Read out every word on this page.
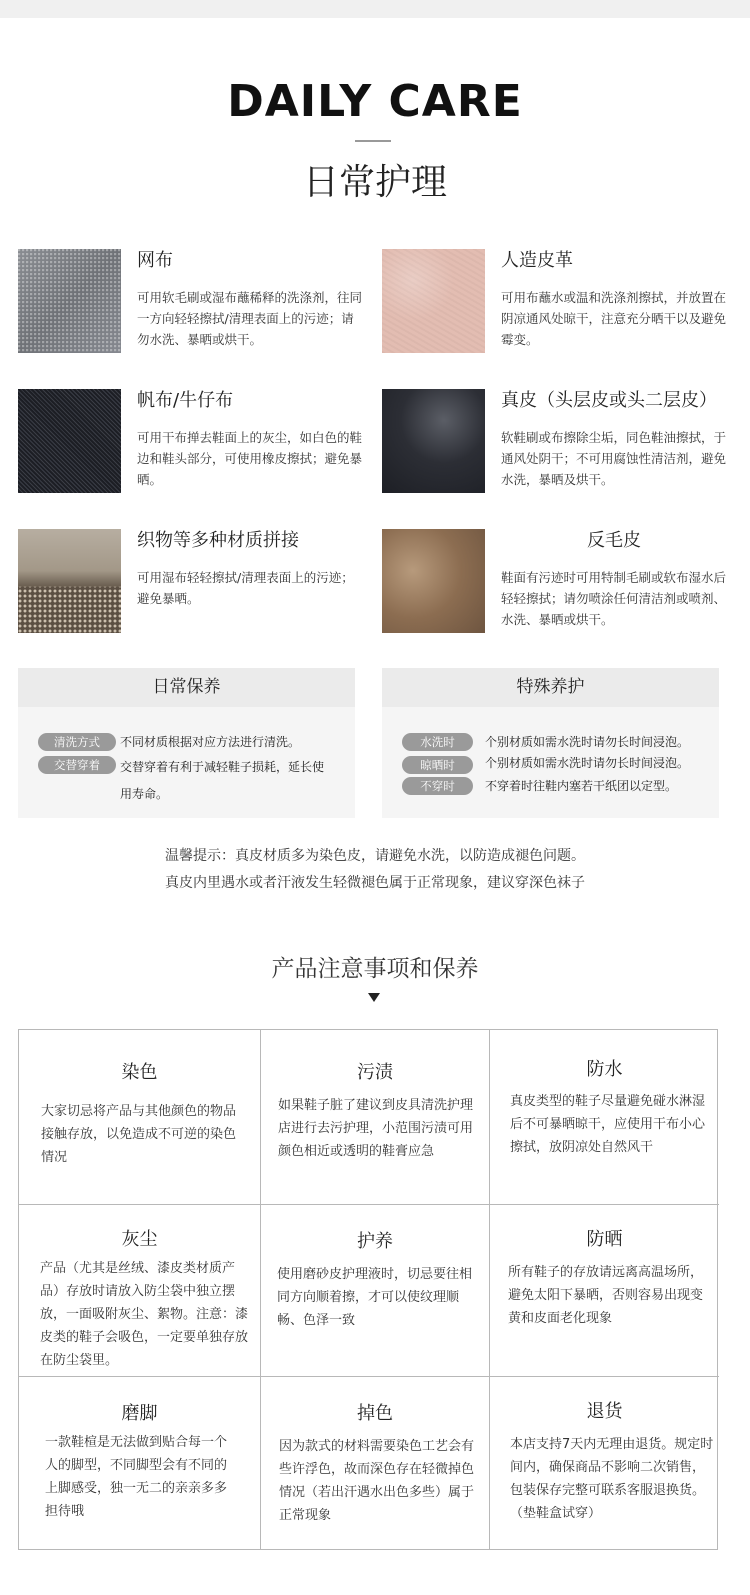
DAILY CARE
日常护理
网布
可用软毛刷或湿布蘸稀释的洗涤剂，往同一方向轻轻擦拭/清理表面上的污迹；请勿水洗、暴晒或烘干。
人造皮革
可用布蘸水或温和洗涤剂擦拭，并放置在阴凉通风处晾干，注意充分晒干以及避免霉变。
帆布/牛仔布
可用干布掸去鞋面上的灰尘，如白色的鞋边和鞋头部分，可使用橡皮擦拭；避免暴晒。
真皮（头层皮或头二层皮）
软鞋刷或布擦除尘垢，同色鞋油擦拭，于通风处阴干；不可用腐蚀性清洁剂，避免水洗，暴晒及烘干。
织物等多种材质拼接
可用湿布轻轻擦拭/清理表面上的污迹；避免暴晒。
反毛皮
鞋面有污迹时可用特制毛刷或软布湿水后轻轻擦拭；请勿喷涂任何清洁剂或喷剂、水洗、暴晒或烘干。
日常保养
清洗方式	不同材质根据对应方法进行清洗。
交替穿着	交替穿着有利于减轻鞋子损耗，延长使用寿命。
特殊养护
水洗时	个别材质如需水洗时请勿长时间浸泡。
晾晒时	个别材质如需水洗时请勿长时间浸泡。
不穿时	不穿着时往鞋内塞若干纸团以定型。
温馨提示：真皮材质多为染色皮，请避免水洗，以防造成褪色问题。
真皮内里遇水或者汗液发生轻微褪色属于正常现象，建议穿深色袜子
产品注意事项和保养
染色
大家切忌将产品与其他颜色的物品接触存放，以免造成不可逆的染色情况
污渍
如果鞋子脏了建议到皮具清洗护理店进行去污护理，小范围污渍可用颜色相近或透明的鞋膏应急
防水
真皮类型的鞋子尽量避免碰水淋湿后不可暴晒晾干，应使用干布小心擦拭，放阴凉处自然风干
灰尘
产品（尤其是丝绒、漆皮类材质产品）存放时请放入防尘袋中独立摆放，一面吸附灰尘、絮物。注意：漆皮类的鞋子会吸色，一定要单独存放在防尘袋里。
护养
使用磨砂皮护理液时，切忌要往相同方向顺着擦，才可以使纹理顺畅、色泽一致
防晒
所有鞋子的存放请远离高温场所，避免太阳下暴晒，否则容易出现变黄和皮面老化现象
磨脚
一款鞋楦是无法做到贴合每一个人的脚型，不同脚型会有不同的上脚感受，独一无二的亲亲多多担待哦
掉色
因为款式的材料需要染色工艺会有些许浮色，故而深色存在轻微掉色情况（若出汗遇水出色多些）属于正常现象
退货
本店支持7天内无理由退货。规定时间内，确保商品不影响二次销售，包装保存完整可联系客服退换货。（垫鞋盒试穿）
